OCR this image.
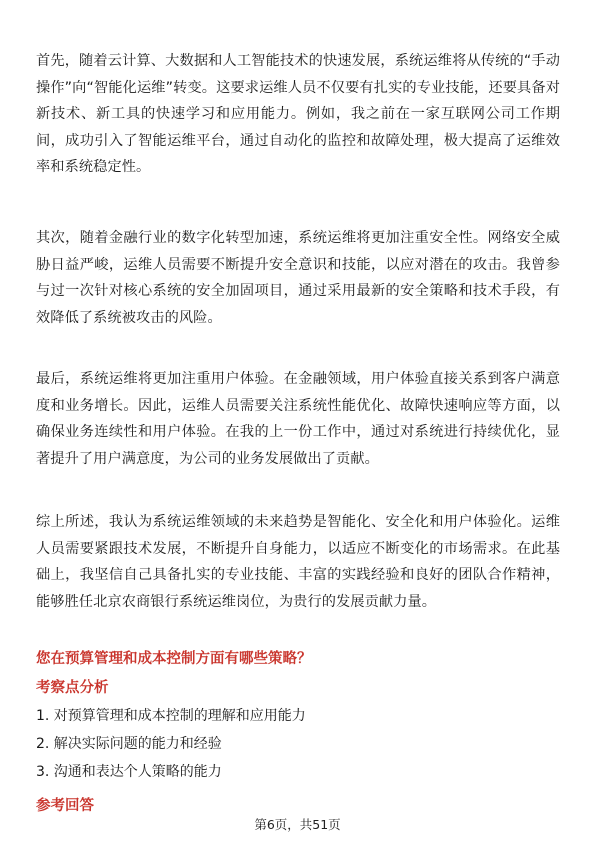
首先，随着云计算、大数据和人工智能技术的快速发展，系统运维将从传统的“手动操作”向“智能化运维”转变。这要求运维人员不仅要有扎实的专业技能，还要具备对新技术、新工具的快速学习和应用能力。例如，我之前在一家互联网公司工作期间，成功引入了智能运维平台，通过自动化的监控和故障处理，极大提高了运维效率和系统稳定性。

其次，随着金融行业的数字化转型加速，系统运维将更加注重安全性。网络安全威胁日益严峻，运维人员需要不断提升安全意识和技能，以应对潜在的攻击。我曾参与过一次针对核心系统的安全加固项目，通过采用最新的安全策略和技术手段，有效降低了系统被攻击的风险。

最后，系统运维将更加注重用户体验。在金融领域，用户体验直接关系到客户满意度和业务增长。因此，运维人员需要关注系统性能优化、故障快速响应等方面，以确保业务连续性和用户体验。在我的上一份工作中，通过对系统进行持续优化，显著提升了用户满意度，为公司的业务发展做出了贡献。

综上所述，我认为系统运维领域的未来趋势是智能化、安全化和用户体验化。运维人员需要紧跟技术发展，不断提升自身能力，以适应不断变化的市场需求。在此基础上，我坚信自己具备扎实的专业技能、丰富的实践经验和良好的团队合作精神，能够胜任北京农商银行系统运维岗位，为贵行的发展贡献力量。

您在预算管理和成本控制方面有哪些策略？
考察点分析
1. 对预算管理和成本控制的理解和应用能力
2. 解决实际问题的能力和经验
3. 沟通和表达个人策略的能力
参考回答
第6页，共51页
